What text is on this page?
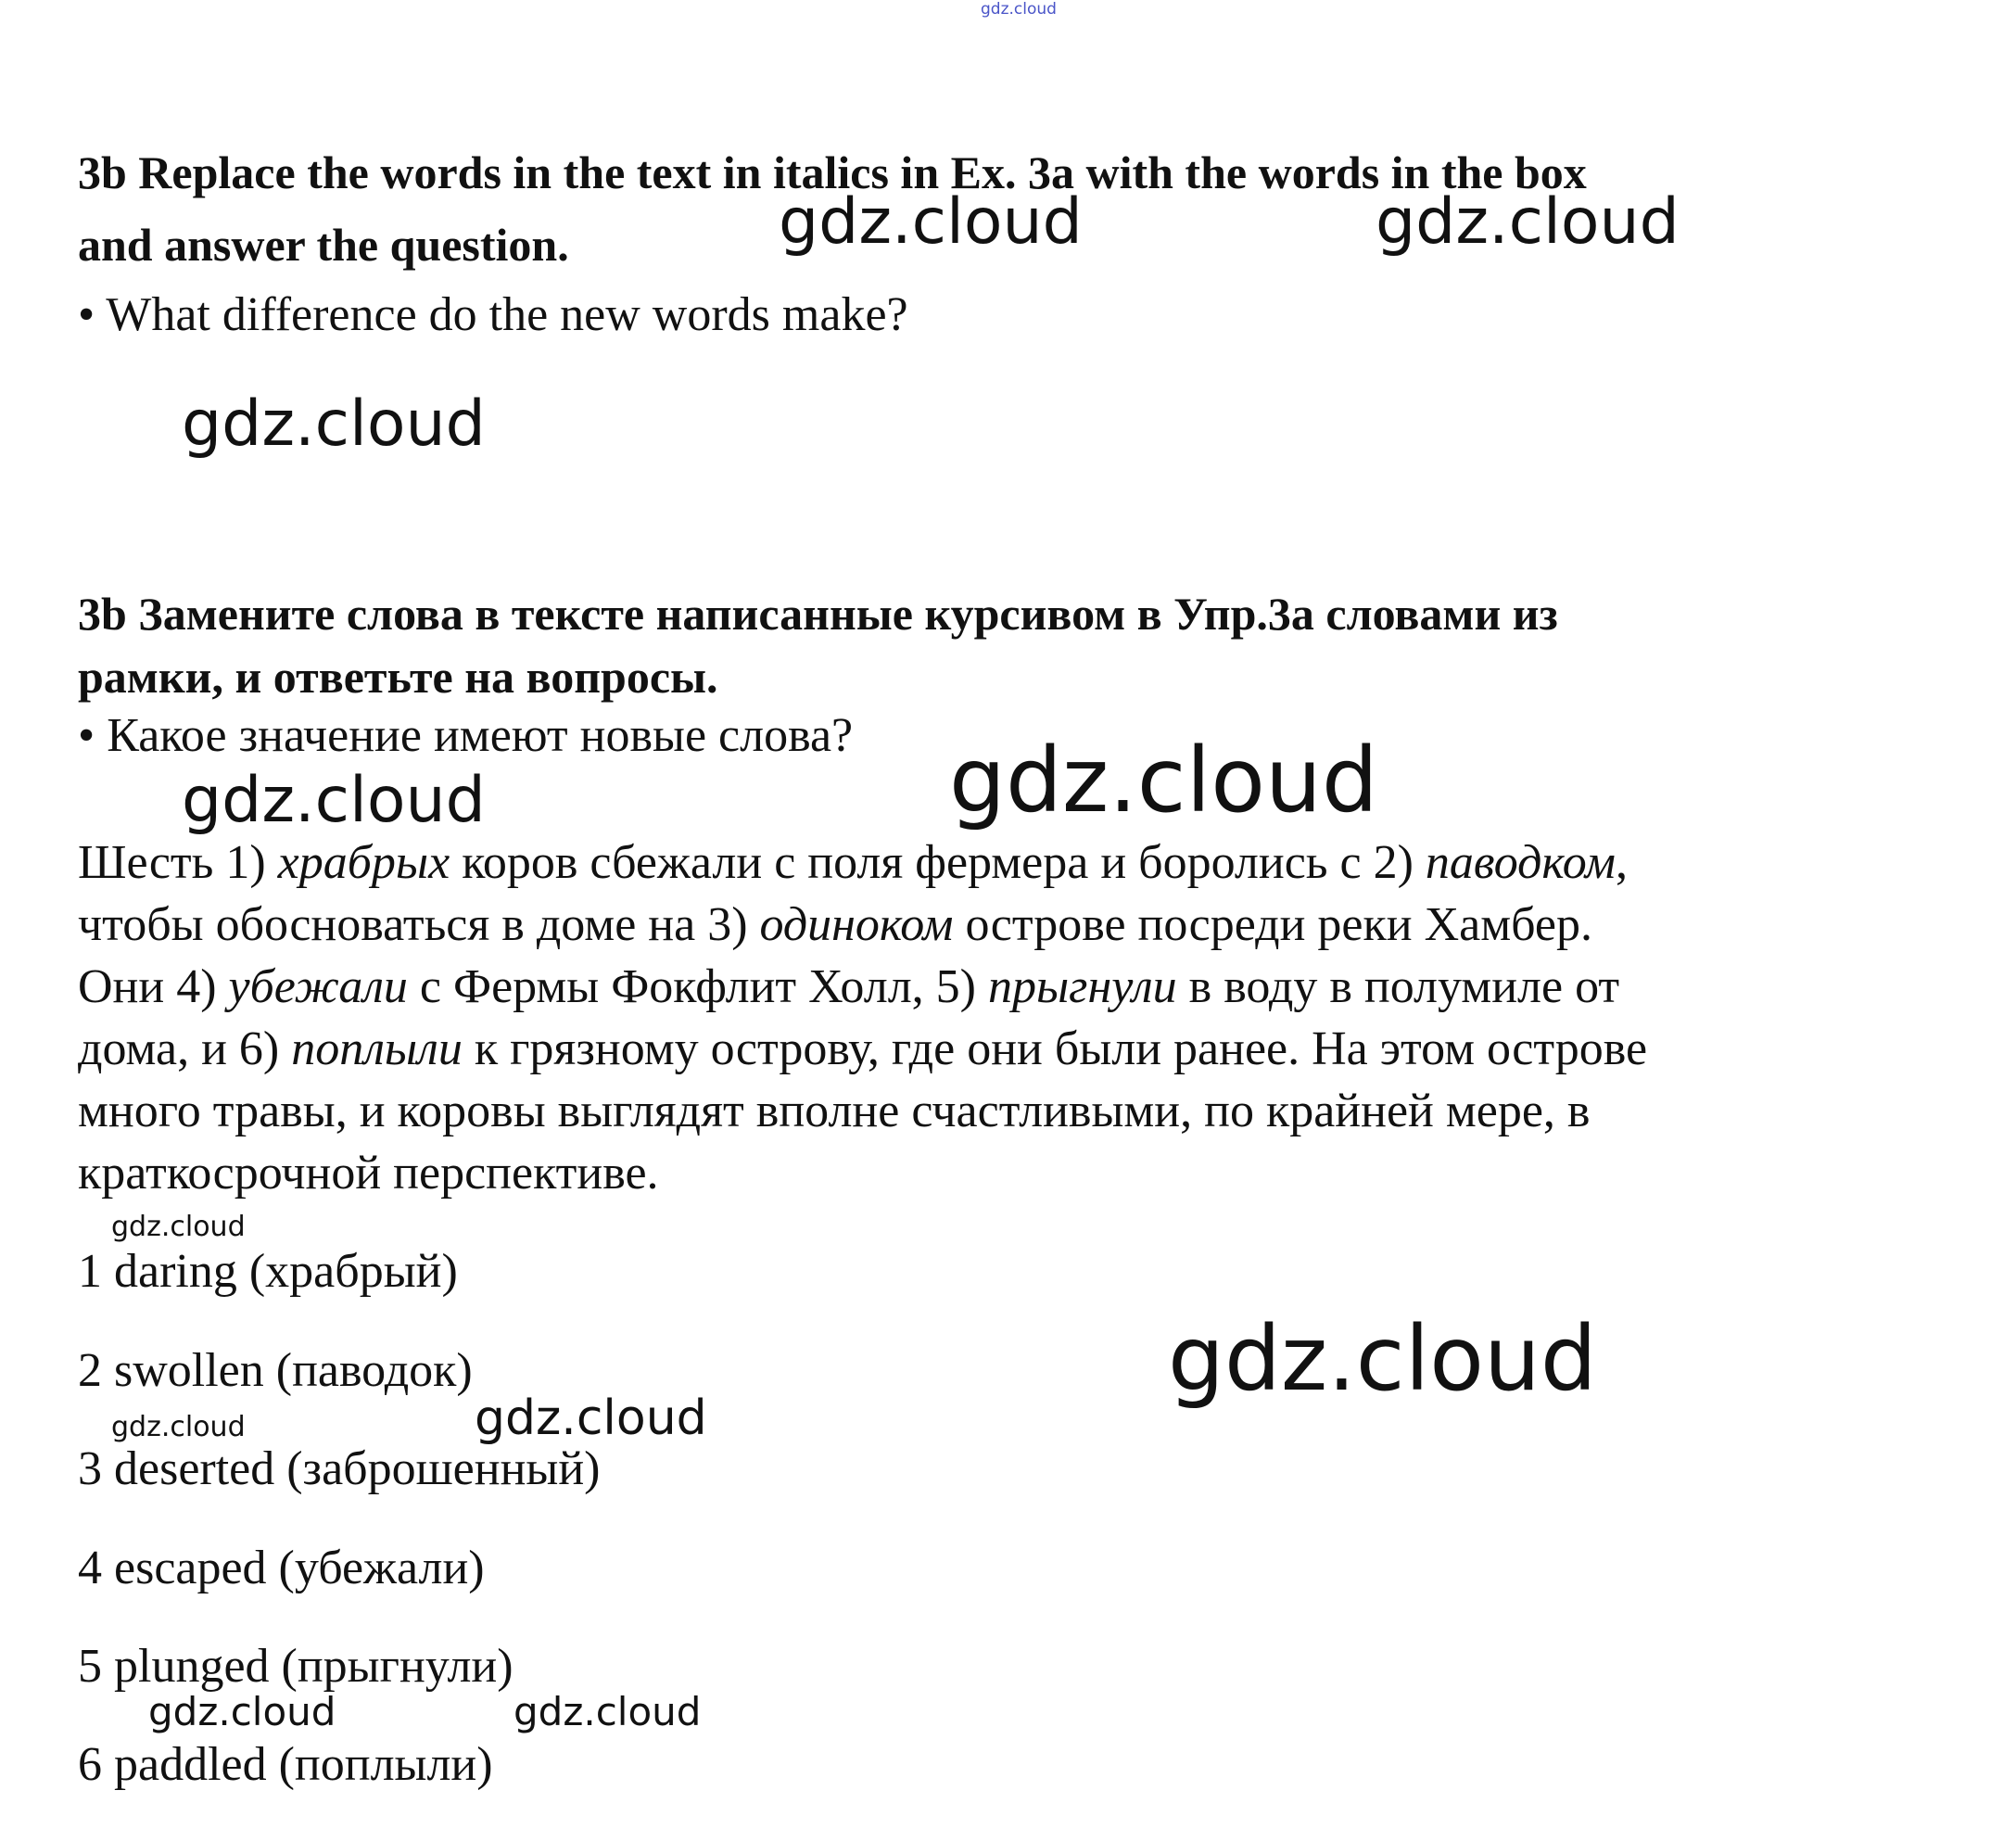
gdz.cloud
3b Replace the words in the text in italics in Ex. 3a with the words in the box
and answer the question.
• What difference do the new words make?
3b Замените слова в тексте написанные курсивом в Упр.3а словами из
рамки, и ответьте на вопросы.
• Какое значение имеют новые слова?
Шесть 1) храбрых коров сбежали с поля фермера и боролись с 2) паводком,
чтобы обосноваться в доме на 3) одиноком острове посреди реки Хамбер.
Они 4) убежали с Фермы Фокфлит Холл, 5) прыгнули в воду в полумиле от
дома, и 6) поплыли к грязному острову, где они были ранее. На этом острове
много травы, и коровы выглядят вполне счастливыми, по крайней мере, в
краткосрочной перспективе.
1 daring (храбрый)
2 swollen (паводок)
3 deserted (заброшенный)
4 escaped (убежали)
5 plunged (прыгнули)
6 paddled (поплыли)
gdz.cloud	gdz.cloud
gdz.cloud
gdz.cloud
gdz.cloud
gdz.cloud
gdz.cloud
gdz.cloud
gdz.cloud
gdz.cloud	gdz.cloud
